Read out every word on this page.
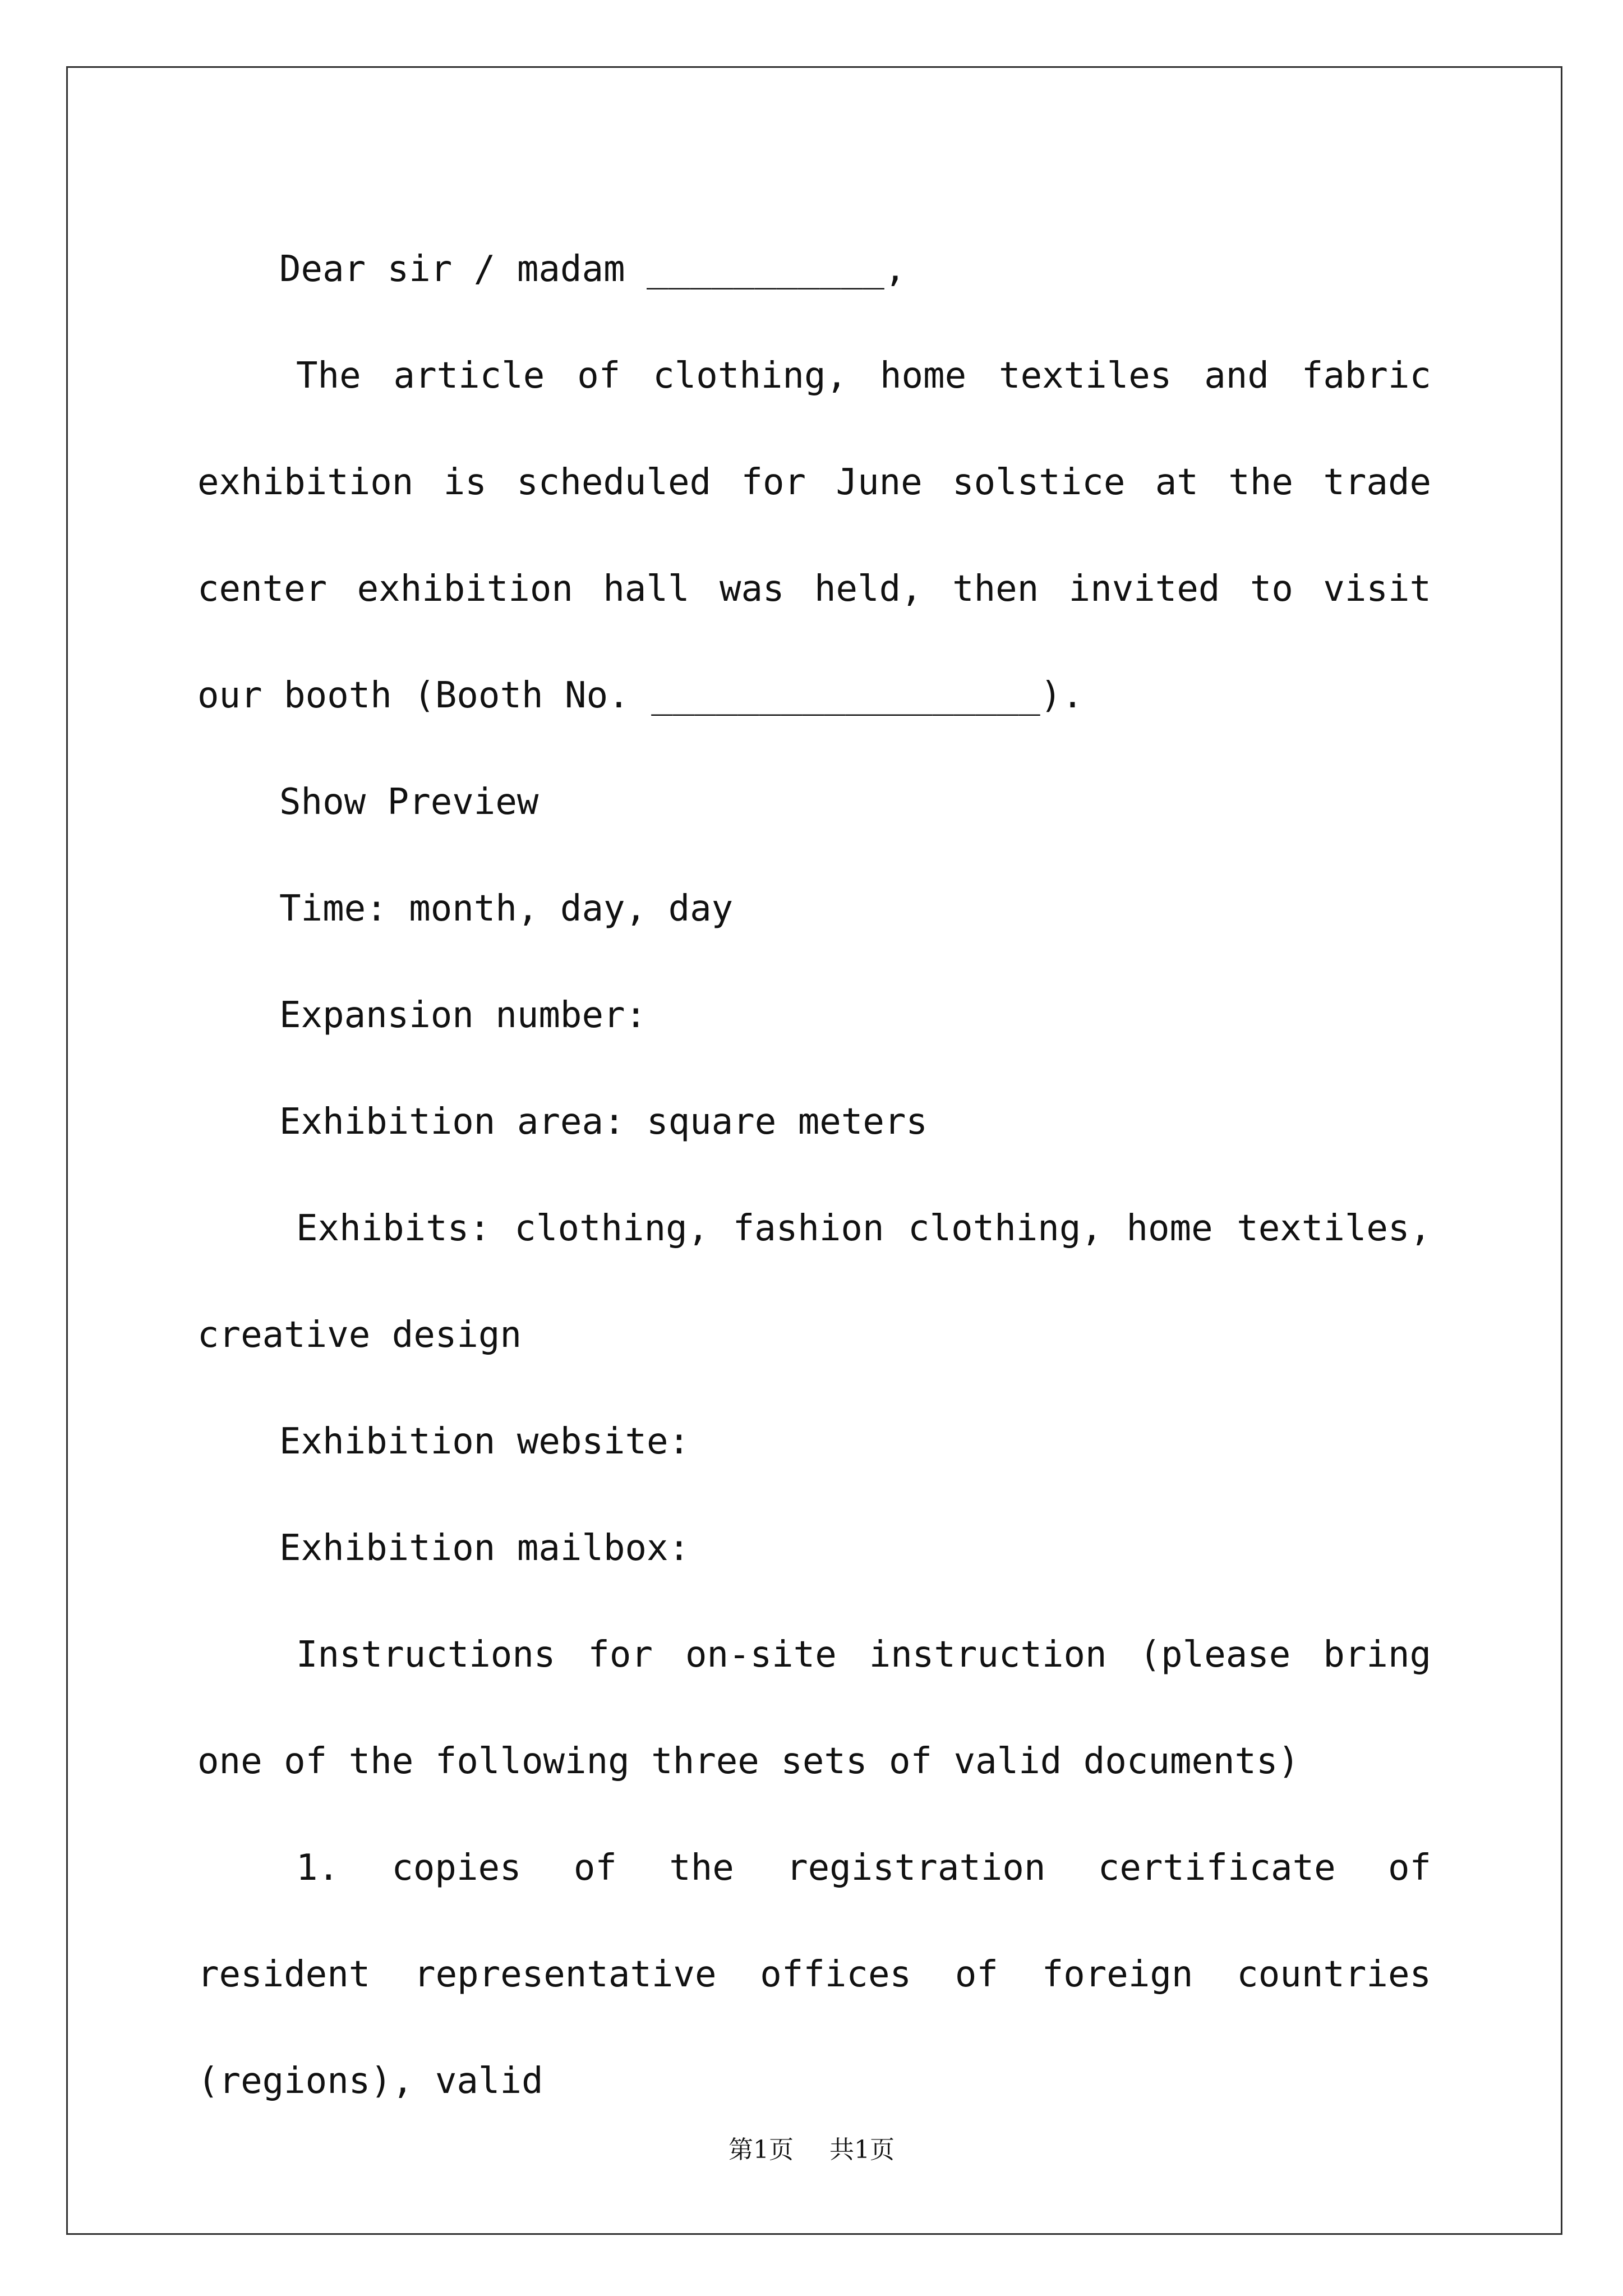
Dear sir / madam ___________,

The article of clothing, home textiles and fabric exhibition is scheduled for June solstice at the trade center exhibition hall was held, then invited to visit our booth (Booth No. __________________).

Show Preview

Time: month, day, day

Expansion number:

Exhibition area: square meters

Exhibits: clothing, fashion clothing, home textiles, creative design

Exhibition website:

Exhibition mailbox:

Instructions for on-site instruction (please bring one of the following three sets of valid documents)

1. copies of the registration certificate of resident representative offices of foreign countries (regions), valid

第1页 共1页
